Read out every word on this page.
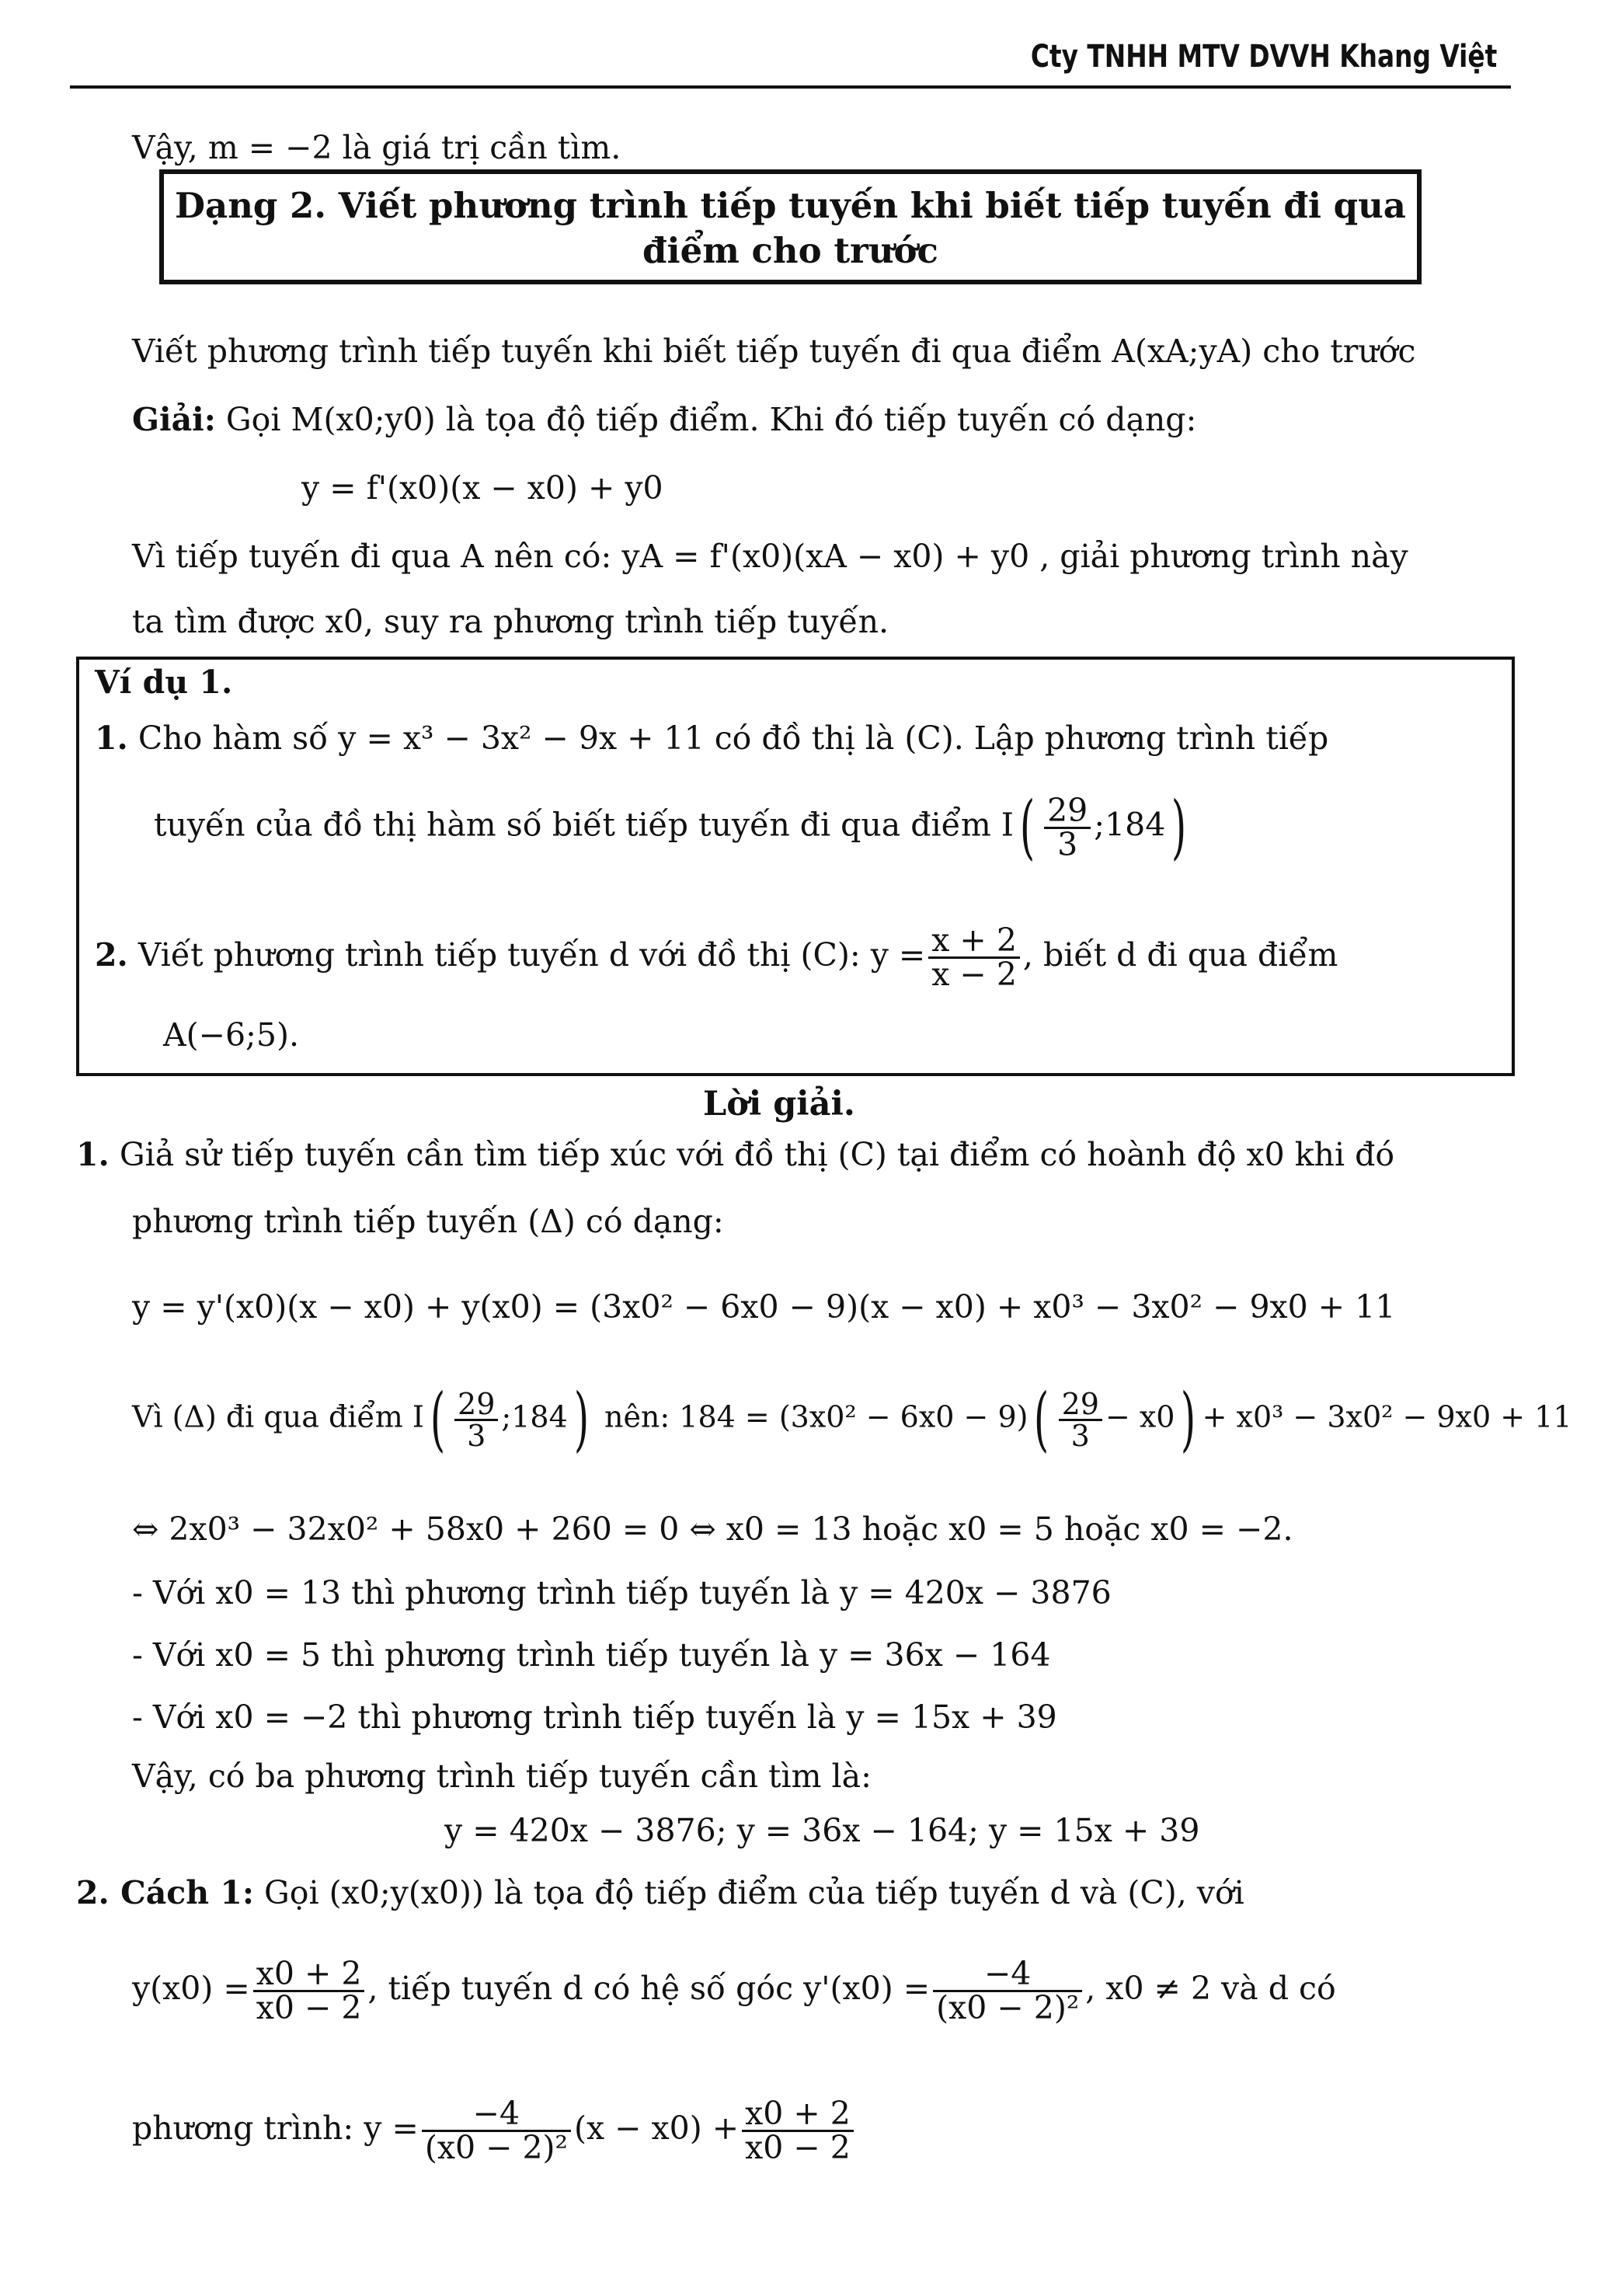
Cty TNHH MTV DVVH Khang Việt
Vậy, m = −2 là giá trị cần tìm.
Dạng 2. Viết phương trình tiếp tuyến khi biết tiếp tuyến đi qua
điểm cho trước
Viết phương trình tiếp tuyến khi biết tiếp tuyến đi qua điểm A(xA;yA) cho trước
Giải: Gọi M(x0;y0) là tọa độ tiếp điểm. Khi đó tiếp tuyến có dạng:
y = f'(x0)(x − x0) + y0
Vì tiếp tuyến đi qua A nên có: yA = f'(x0)(xA − x0) + y0 , giải phương trình này
ta tìm được x0, suy ra phương trình tiếp tuyến.
Ví dụ 1.
1. Cho hàm số y = x³ − 3x² − 9x + 11 có đồ thị là (C). Lập phương trình tiếp
tuyến của đồ thị hàm số biết tiếp tuyến đi qua điểm $I( \frac{29}{3}$ ;184)
2. Viết phương trình tiếp tuyến d với đồ thị (C): $y = \frac{x + 2}{x - 2}$ , biết d đi qua điểm
A(−6;5).
Lời giải.
1. Giả sử tiếp tuyến cần tìm tiếp xúc với đồ thị (C) tại điểm có hoành độ x0 khi đó
phương trình tiếp tuyến (Δ) có dạng:
y = y'(x0)(x − x0) + y(x0) = (3x0² − 6x0 − 9)(x − x0) + x0³ − 3x0² − 9x0 + 11
Vì (Δ) đi qua điểm $I( \frac{29}{3}$ ;184) nên: $184 = (3x0^2 - 6x0 - 9)( \frac{29}{3} - x0) + x0^3 - 3x0^2 - 9x0 + 11$
⇔ 2x0³ − 32x0² + 58x0 + 260 = 0 ⇔ x0 = 13 hoặc x0 = 5 hoặc x0 = −2.
- Với x0 = 13 thì phương trình tiếp tuyến là y = 420x − 3876
- Với x0 = 5 thì phương trình tiếp tuyến là y = 36x − 164
- Với x0 = −2 thì phương trình tiếp tuyến là y = 15x + 39
Vậy, có ba phương trình tiếp tuyến cần tìm là:
y = 420x − 3876; y = 36x − 164; y = 15x + 39
2. Cách 1: Gọi (x0;y(x0)) là tọa độ tiếp điểm của tiếp tuyến d và (C), với
$y(x0) = \frac{x0 + 2}{x0 - 2}$ , tiếp tuyến d có hệ số góc $y'(x0) = \frac{-4}{\text{(x0 − 2)²}}$ , x0 ≠ 2 và d có
phương trình: $y = \frac{-4}{\text{(x0 − 2)²}} (x - x0) + \frac{x0 + 2}{x0 - 2}$
